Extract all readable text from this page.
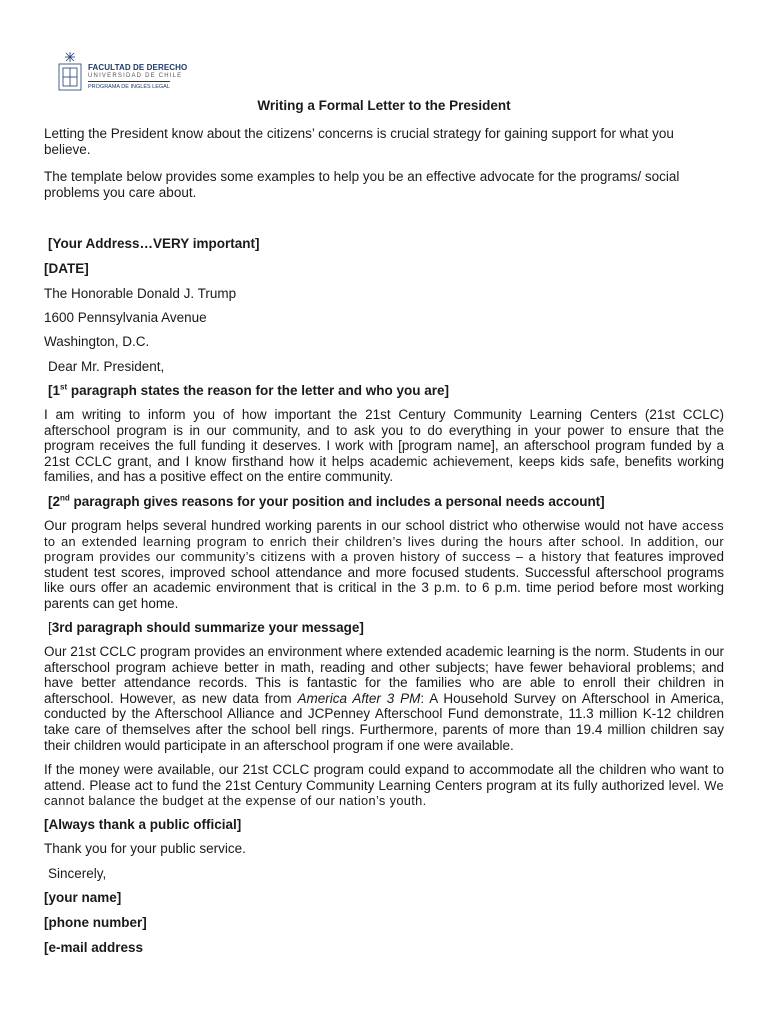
FACULTAD DE DERECHO
UNIVERSIDAD DE CHILE
PROGRAMA DE INGLÉS LEGAL
Writing a Formal Letter to the President
Letting the President know about the citizens’ concerns is crucial strategy for gaining support for what you believe.
The template below provides some examples to help you be an effective advocate for the programs/ social problems you care about.
[Your Address…VERY important]
[DATE]
The Honorable Donald J. Trump
1600 Pennsylvania Avenue
Washington, D.C.
Dear Mr. President,
[1st paragraph states the reason for the letter and who you are]
I am writing to inform you of how important the 21st Century Community Learning Centers (21st CCLC) afterschool program is in our community, and to ask you to do everything in your power to ensure that the program receives the full funding it deserves. I work with [program name], an afterschool program funded by a 21st CCLC grant, and I know firsthand how it helps academic achievement, keeps kids safe, benefits working families, and has a positive effect on the entire community.
[2nd paragraph gives reasons for your position and includes a personal needs account]
Our program helps several hundred working parents in our school district who otherwise would not have access to an extended learning program to enrich their children’s lives during the hours after school. In addition, our program provides our community’s citizens with a proven history of success – a history that features improved student test scores, improved school attendance and more focused students. Successful afterschool programs like ours offer an academic environment that is critical in the 3 p.m. to 6 p.m. time period before most working parents can get home.
[3rd paragraph should summarize your message]
Our 21st CCLC program provides an environment where extended academic learning is the norm. Students in our afterschool program achieve better in math, reading and other subjects; have fewer behavioral problems; and have better attendance records. This is fantastic for the families who are able to enroll their children in afterschool. However, as new data from America After 3 PM: A Household Survey on Afterschool in America, conducted by the Afterschool Alliance and JCPenney Afterschool Fund demonstrate, 11.3 million K-12 children take care of themselves after the school bell rings. Furthermore, parents of more than 19.4 million children say their children would participate in an afterschool program if one were available.
If the money were available, our 21st CCLC program could expand to accommodate all the children who want to attend. Please act to fund the 21st Century Community Learning Centers program at its fully authorized level. We cannot balance the budget at the expense of our nation’s youth.
[Always thank a public official]
Thank you for your public service.
Sincerely,
[your name]
[phone number]
[e-mail address
